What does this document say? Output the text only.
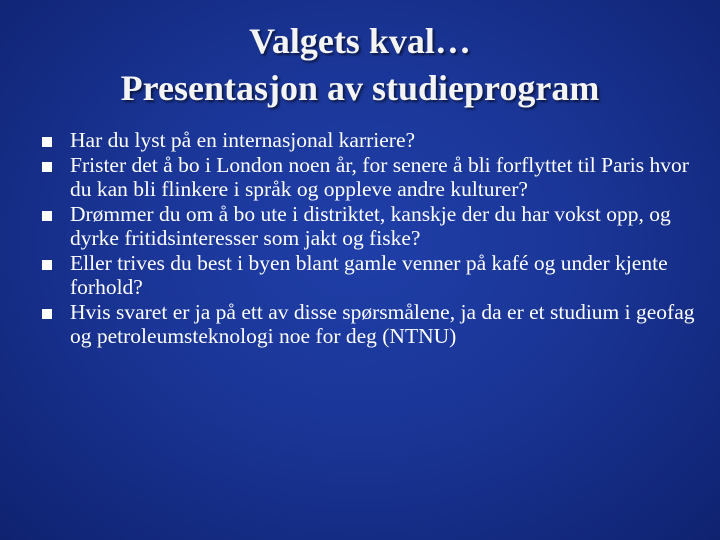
Valgets kval…
Presentasjon av studieprogram
Har du lyst på en internasjonal karriere?
Frister det å bo i London noen år, for senere å bli forflyttet til Paris hvor du kan bli flinkere i språk og oppleve andre kulturer?
Drømmer du om å bo ute i distriktet, kanskje der du har vokst opp, og dyrke fritidsinteresser som jakt og fiske?
Eller trives du best i byen blant gamle venner på kafé og under kjente forhold?
Hvis svaret er ja på ett av disse spørsmålene, ja da er et studium i geofag og petroleumsteknologi noe for deg (NTNU)
